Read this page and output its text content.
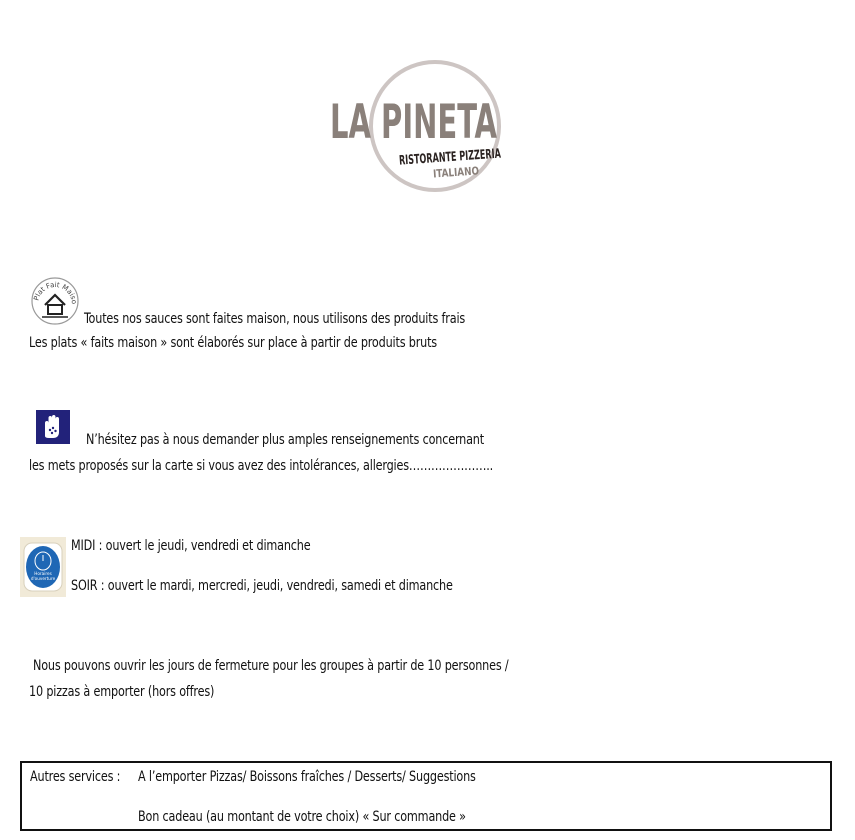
LA PINETA
RISTORANTE PIZZERIA
ITALIANO
Plat Fait Maiso
Toutes nos sauces sont faites maison, nous utilisons des produits frais
Les plats « faits maison » sont élaborés sur place à partir de produits bruts
N’hésitez pas à nous demander plus amples renseignements concernant
les mets proposés sur la carte si vous avez des intolérances, allergies…………………..
Horaires
d'ouverture
MIDI : ouvert le jeudi, vendredi et dimanche
SOIR : ouvert le mardi, mercredi, jeudi, vendredi, samedi et dimanche
Nous pouvons ouvrir les jours de fermeture pour les groupes à partir de 10 personnes /
10 pizzas à emporter (hors offres)
Autres services : A l’emporter Pizzas/ Boissons fraîches / Desserts/ Suggestions
Bon cadeau (au montant de votre choix) « Sur commande »
